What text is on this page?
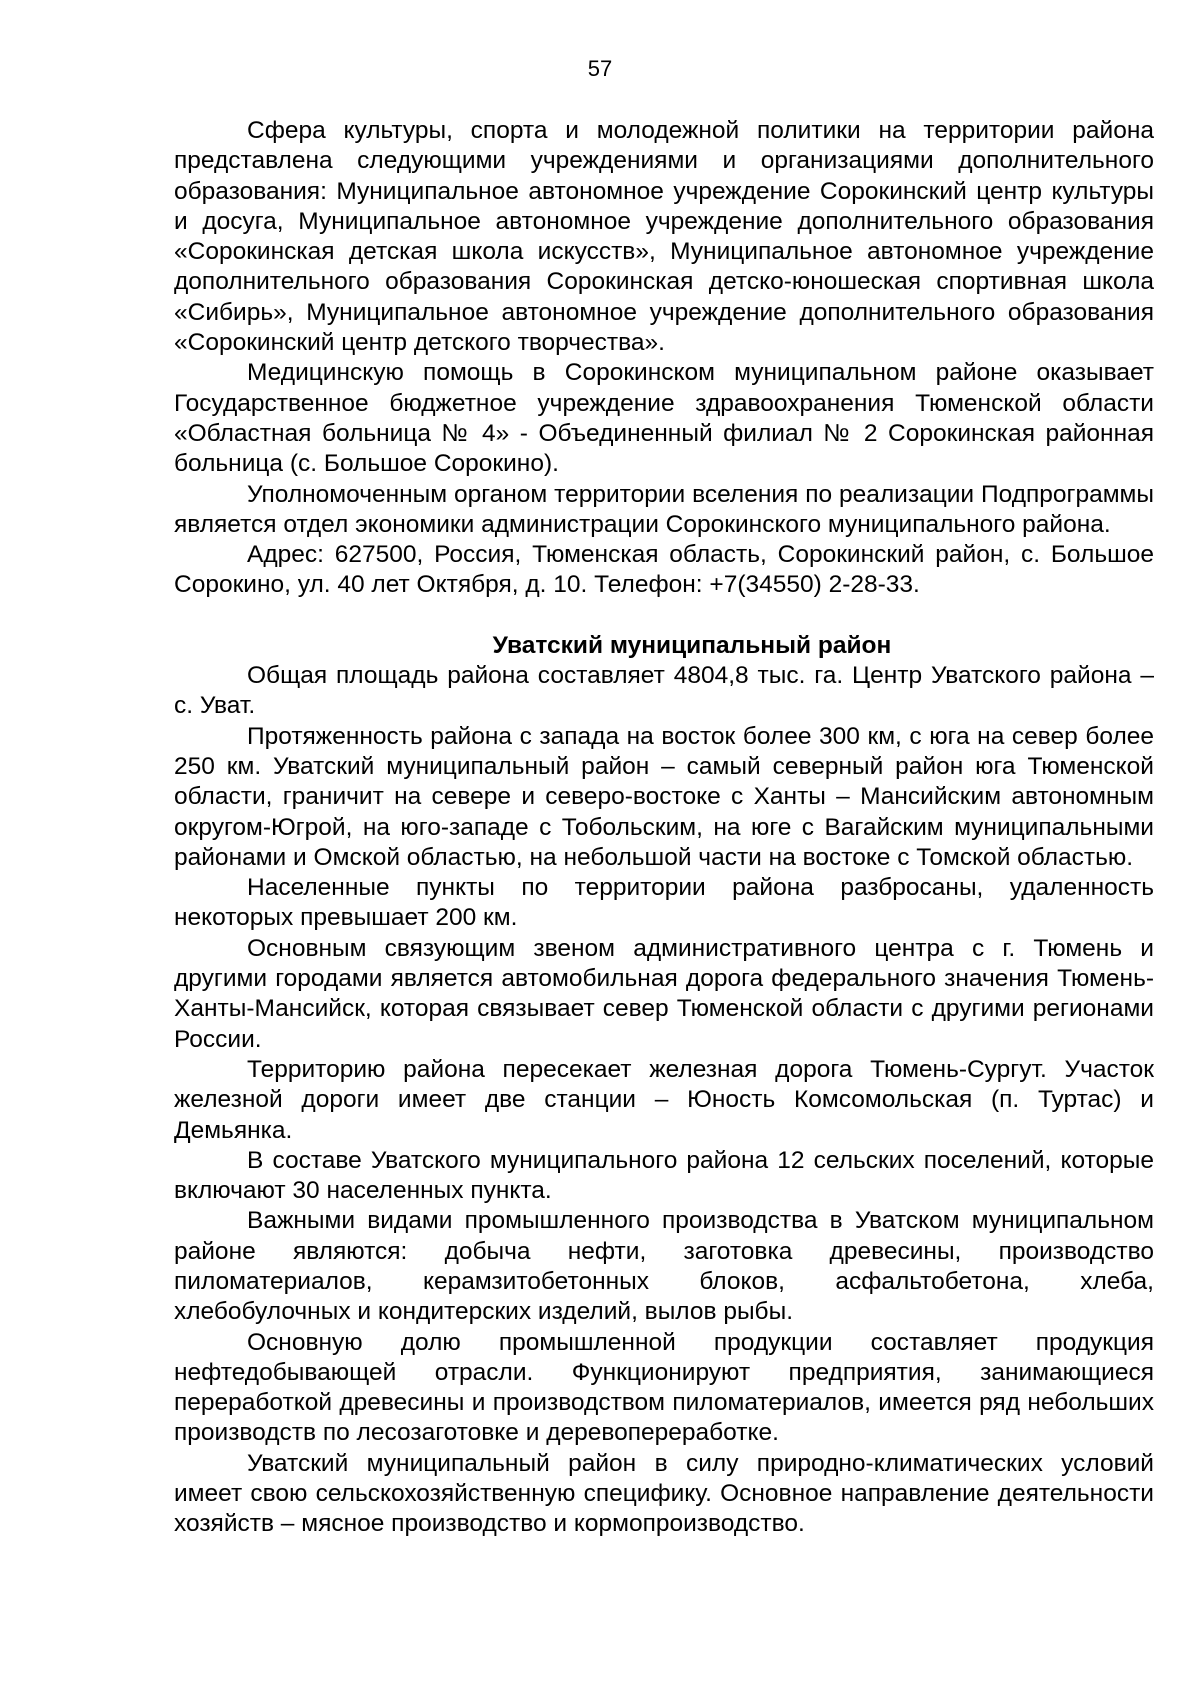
57

Сфера культуры, спорта и молодежной политики на территории района представлена следующими учреждениями и организациями дополнительного образования: Муниципальное автономное учреждение Сорокинский центр культуры и досуга, Муниципальное автономное учреждение дополнительного образования «Сорокинская детская школа искусств», Муниципальное автономное учреждение дополнительного образования Сорокинская детско-юношеская спортивная школа «Сибирь», Муниципальное автономное учреждение дополнительного образования «Сорокинский центр детского творчества».

Медицинскую помощь в Сорокинском муниципальном районе оказывает Государственное бюджетное учреждение здравоохранения Тюменской области «Областная больница № 4» - Объединенный филиал № 2 Сорокинская районная больница (с. Большое Сорокино).

Уполномоченным органом территории вселения по реализации Подпрограммы является отдел экономики администрации Сорокинского муниципального района.

Адрес: 627500, Россия, Тюменская область, Сорокинский район, с. Большое Сорокино, ул. 40 лет Октября, д. 10. Телефон: +7(34550) 2-28-33.

Уватский муниципальный район

Общая площадь района составляет 4804,8 тыс. га. Центр Уватского района – с. Уват.

Протяженность района с запада на восток более 300 км, с юга на север более 250 км. Уватский муниципальный район – самый северный район юга Тюменской области, граничит на севере и северо-востоке с Ханты – Мансийским автономным округом-Югрой, на юго-западе с Тобольским, на юге с Вагайским муниципальными районами и Омской областью, на небольшой части на востоке с Томской областью.

Населенные пункты по территории района разбросаны, удаленность некоторых превышает 200 км.

Основным связующим звеном административного центра с г. Тюмень и другими городами является автомобильная дорога федерального значения Тюмень-Ханты-Мансийск, которая связывает север Тюменской области с другими регионами России.

Территорию района пересекает железная дорога Тюмень-Сургут. Участок железной дороги имеет две станции – Юность Комсомольская (п. Туртас) и Демьянка.

В составе Уватского муниципального района 12 сельских поселений, которые включают 30 населенных пункта.

Важными видами промышленного производства в Уватском муниципальном районе являются: добыча нефти, заготовка древесины, производство пиломатериалов, керамзитобетонных блоков, асфальтобетона, хлеба, хлебобулочных и кондитерских изделий, вылов рыбы.

Основную долю промышленной продукции составляет продукция нефтедобывающей отрасли. Функционируют предприятия, занимающиеся переработкой древесины и производством пиломатериалов, имеется ряд небольших производств по лесозаготовке и деревопереработке.

Уватский муниципальный район в силу природно-климатических условий имеет свою сельскохозяйственную специфику. Основное направление деятельности хозяйств – мясное производство и кормопроизводство.
